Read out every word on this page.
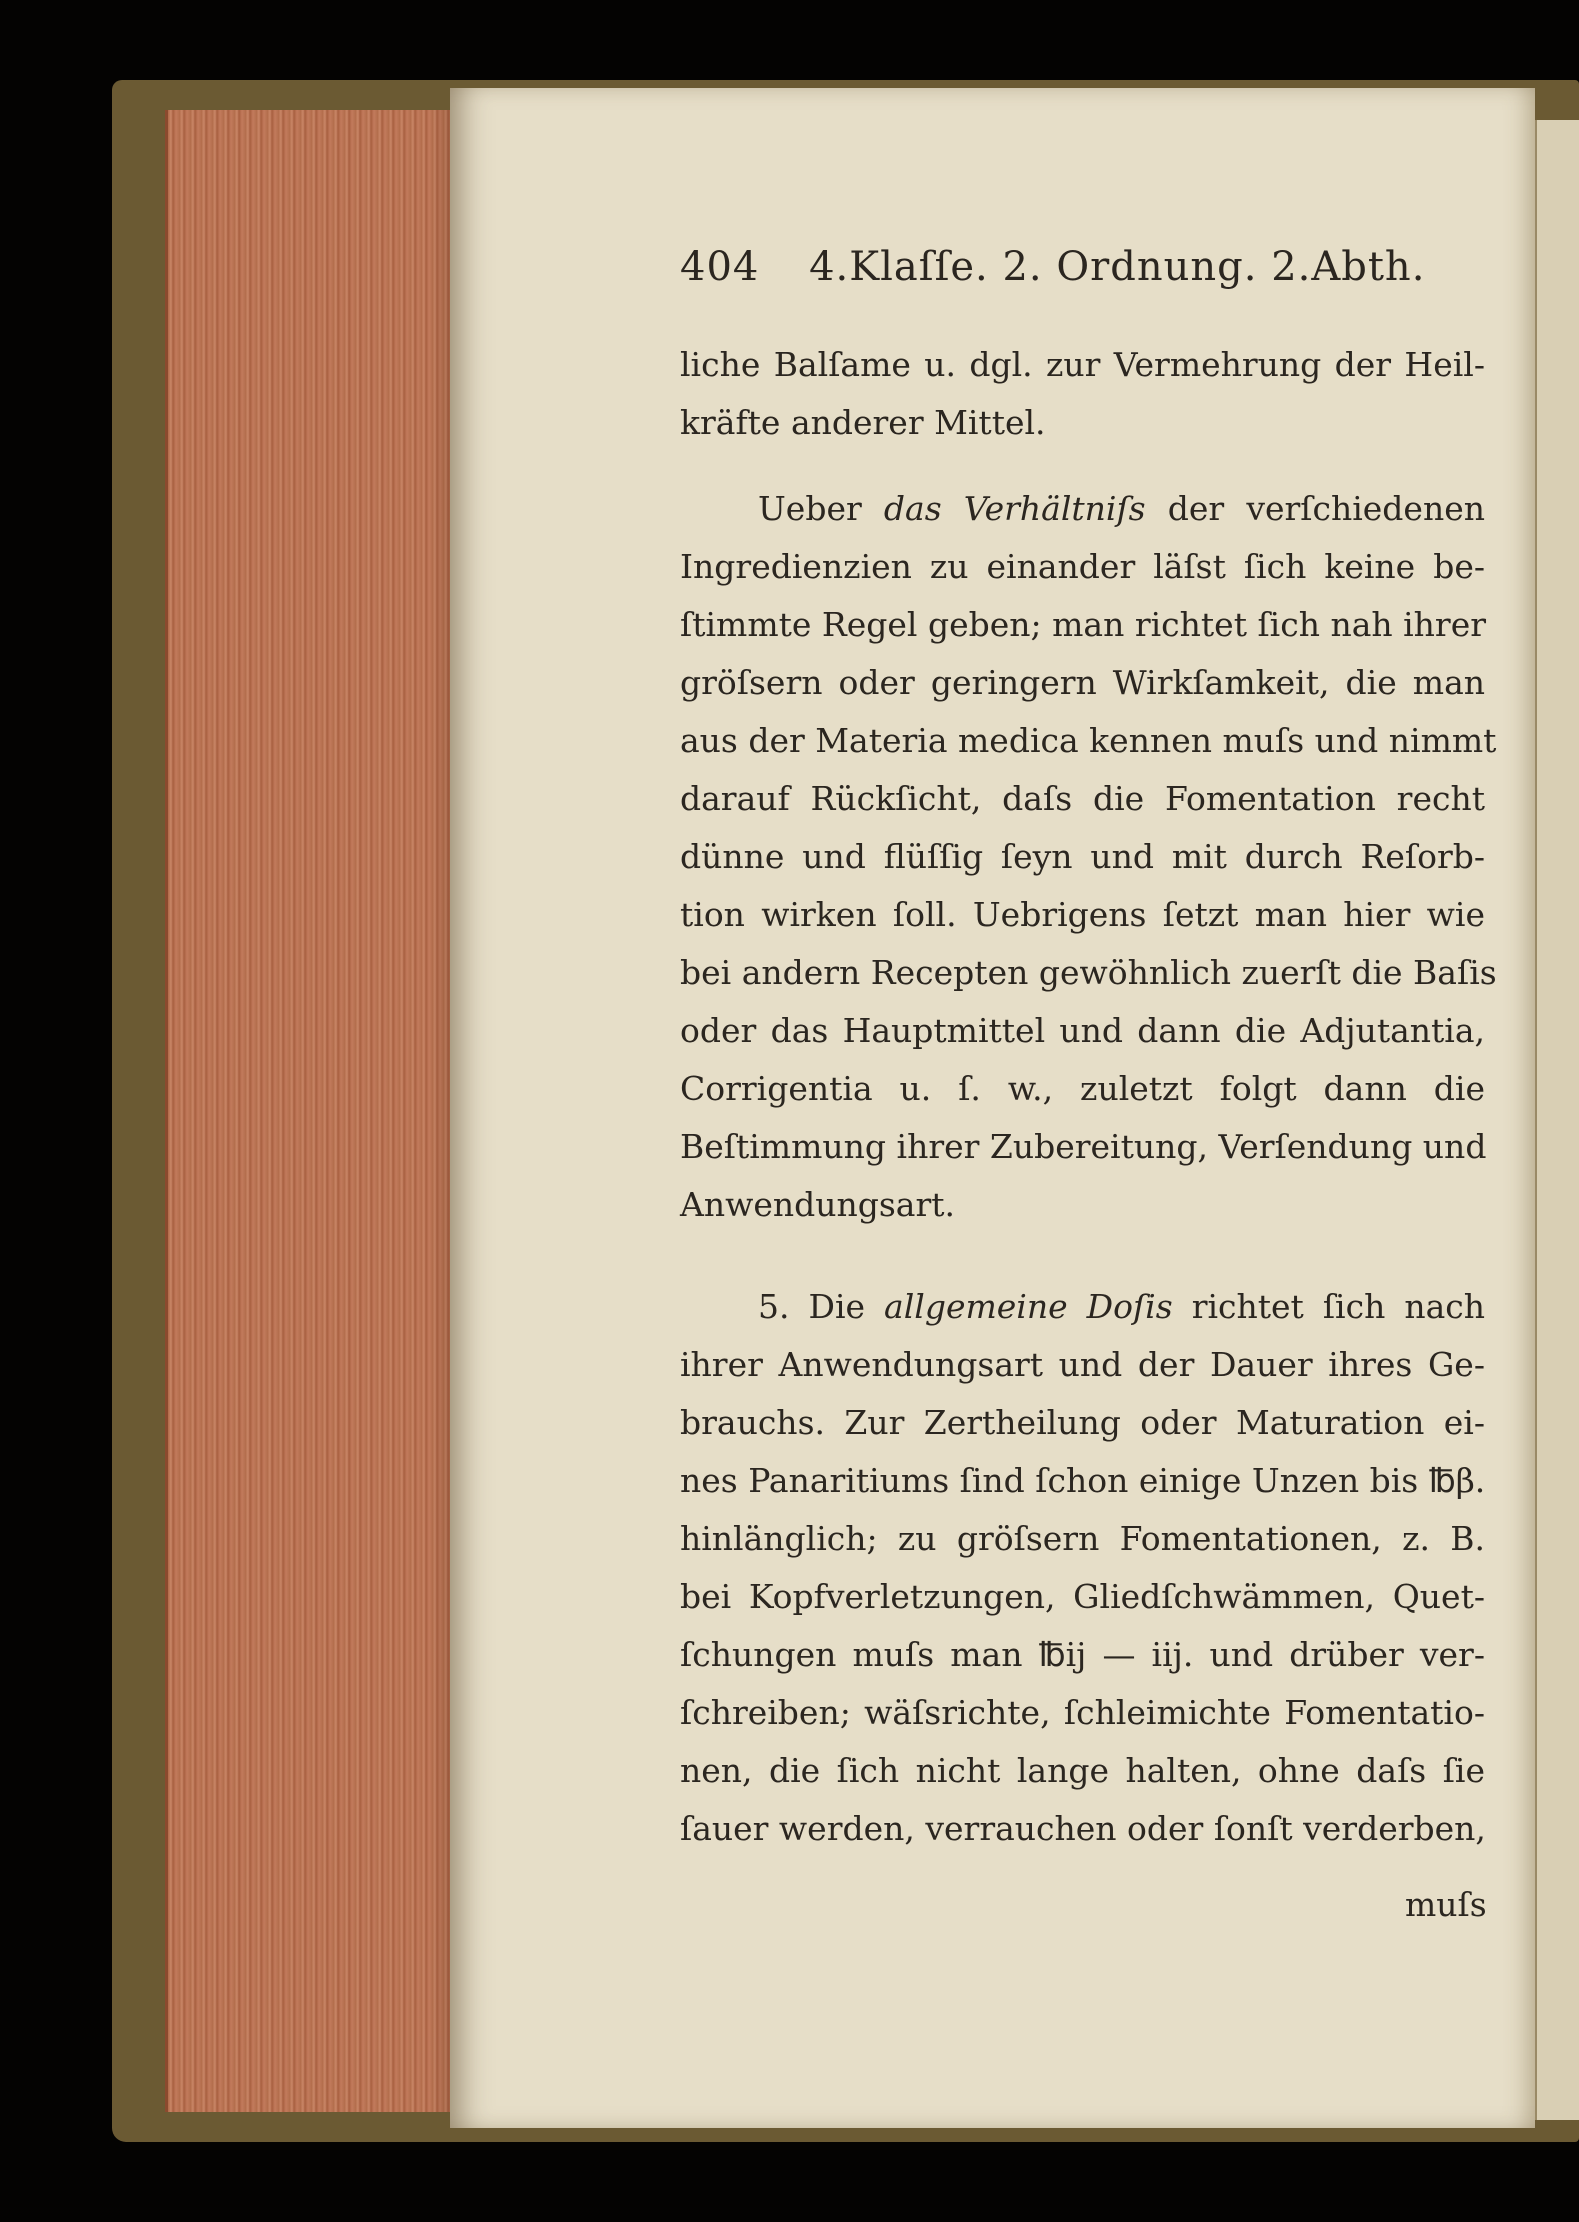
404 4.Klaſſe. 2. Ordnung. 2.Abth.
liche Balſame u. dgl. zur Vermehrung der Heil-
kräfte anderer Mittel.
Ueber das Verhältniſs der verſchiedenen
Ingredienzien zu einander läſst ſich keine be-
ſtimmte Regel geben; man richtet ſich nah ihrer
gröſsern oder geringern Wirkſamkeit, die man
aus der Materia medica kennen muſs und nimmt
darauf Rückſicht, daſs die Fomentation recht
dünne und flüſſig ſeyn und mit durch Reſorb-
tion wirken ſoll. Uebrigens ſetzt man hier wie
bei andern Recepten gewöhnlich zuerſt die Baſis
oder das Hauptmittel und dann die Adjutantia,
Corrigentia u. ſ. w., zuletzt folgt dann die
Beſtimmung ihrer Zubereitung, Verſendung und
Anwendungsart.
5. Die allgemeine Doſis richtet ſich nach
ihrer Anwendungsart und der Dauer ihres Ge-
brauchs. Zur Zertheilung oder Maturation ei-
nes Panaritiums ſind ſchon einige Unzen bis ℔β.
hinlänglich; zu gröſsern Fomentationen, z. B.
bei Kopfverletzungen, Gliedſchwämmen, Quet-
ſchungen muſs man ℔ij — iij. und drüber ver-
ſchreiben; wäſsrichte, ſchleimichte Fomentatio-
nen, die ſich nicht lange halten, ohne daſs ſie
ſauer werden, verrauchen oder ſonſt verderben,
muſs
